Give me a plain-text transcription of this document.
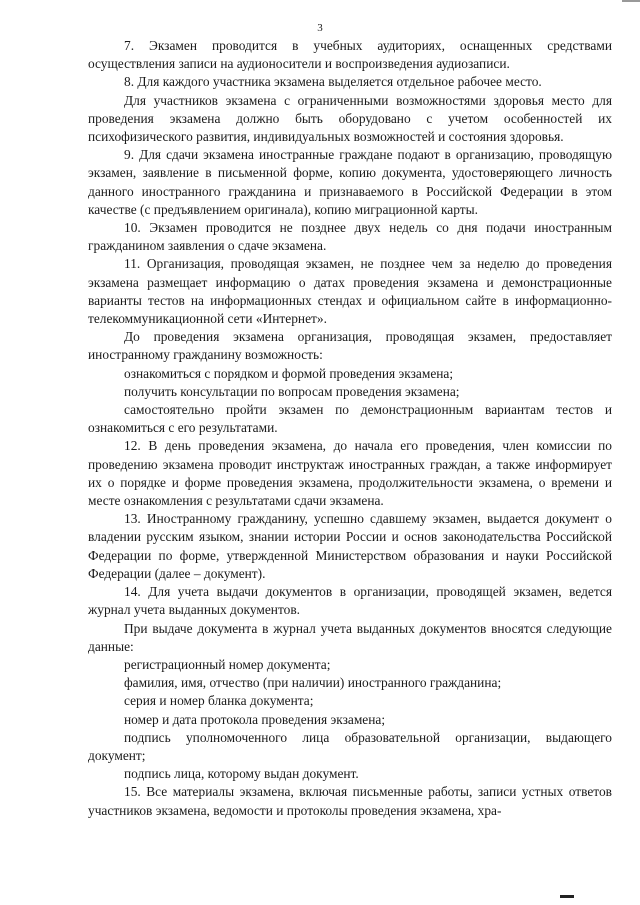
3

7. Экзамен проводится в учебных аудиториях, оснащенных средствами осуществления записи на аудионосители и воспроизведения аудиозаписи.

8. Для каждого участника экзамена выделяется отдельное рабочее место.

Для участников экзамена с ограниченными возможностями здоровья место для проведения экзамена должно быть оборудовано с учетом особенностей их психофизического развития, индивидуальных возможностей и состояния здоровья.

9. Для сдачи экзамена иностранные граждане подают в организацию, проводящую экзамен, заявление в письменной форме, копию документа, удостоверяющего личность данного иностранного гражданина и признаваемого в Российской Федерации в этом качестве (с предъявлением оригинала), копию миграционной карты.

10. Экзамен проводится не позднее двух недель со дня подачи иностранным гражданином заявления о сдаче экзамена.

11. Организация, проводящая экзамен, не позднее чем за неделю до проведения экзамена размещает информацию о датах проведения экзамена и демонстрационные варианты тестов на информационных стендах и официальном сайте в информационно-телекоммуникационной сети «Интернет».

До проведения экзамена организация, проводящая экзамен, предоставляет иностранному гражданину возможность:

ознакомиться с порядком и формой проведения экзамена;

получить консультации по вопросам проведения экзамена;

самостоятельно пройти экзамен по демонстрационным вариантам тестов и ознакомиться с его результатами.

12. В день проведения экзамена, до начала его проведения, член комиссии по проведению экзамена проводит инструктаж иностранных граждан, а также информирует их о порядке и форме проведения экзамена, продолжительности экзамена, о времени и месте ознакомления с результатами сдачи экзамена.

13. Иностранному гражданину, успешно сдавшему экзамен, выдается документ о владении русским языком, знании истории России и основ законодательства Российской Федерации по форме, утвержденной Министерством образования и науки Российской Федерации (далее – документ).

14. Для учета выдачи документов в организации, проводящей экзамен, ведется журнал учета выданных документов.

При выдаче документа в журнал учета выданных документов вносятся следующие данные:

регистрационный номер документа;

фамилия, имя, отчество (при наличии) иностранного гражданина;

серия и номер бланка документа;

номер и дата протокола проведения экзамена;

подпись уполномоченного лица образовательной организации, выдающего документ;

подпись лица, которому выдан документ.

15. Все материалы экзамена, включая письменные работы, записи устных ответов участников экзамена, ведомости и протоколы проведения экзамена, хра-
